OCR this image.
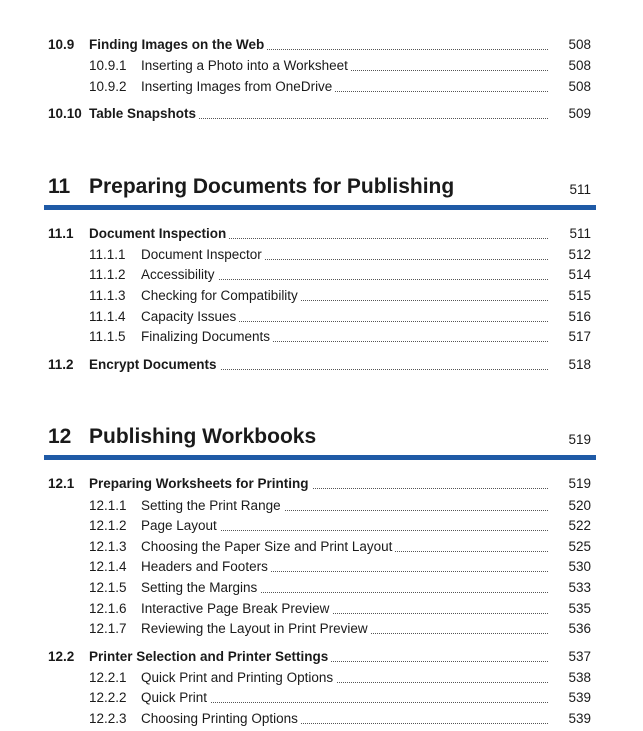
10.9 Finding Images on the Web	508
10.9.1 Inserting a Photo into a Worksheet	508
10.9.2 Inserting Images from OneDrive	508
10.10 Table Snapshots	509
11 Preparing Documents for Publishing	511
11.1 Document Inspection	511
11.1.1 Document Inspector	512
11.1.2 Accessibility	514
11.1.3 Checking for Compatibility	515
11.1.4 Capacity Issues	516
11.1.5 Finalizing Documents	517
11.2 Encrypt Documents	518
12 Publishing Workbooks	519
12.1 Preparing Worksheets for Printing	519
12.1.1 Setting the Print Range	520
12.1.2 Page Layout	522
12.1.3 Choosing the Paper Size and Print Layout	525
12.1.4 Headers and Footers	530
12.1.5 Setting the Margins	533
12.1.6 Interactive Page Break Preview	535
12.1.7 Reviewing the Layout in Print Preview	536
12.2 Printer Selection and Printer Settings	537
12.2.1 Quick Print and Printing Options	538
12.2.2 Quick Print	539
12.2.3 Choosing Printing Options	539
